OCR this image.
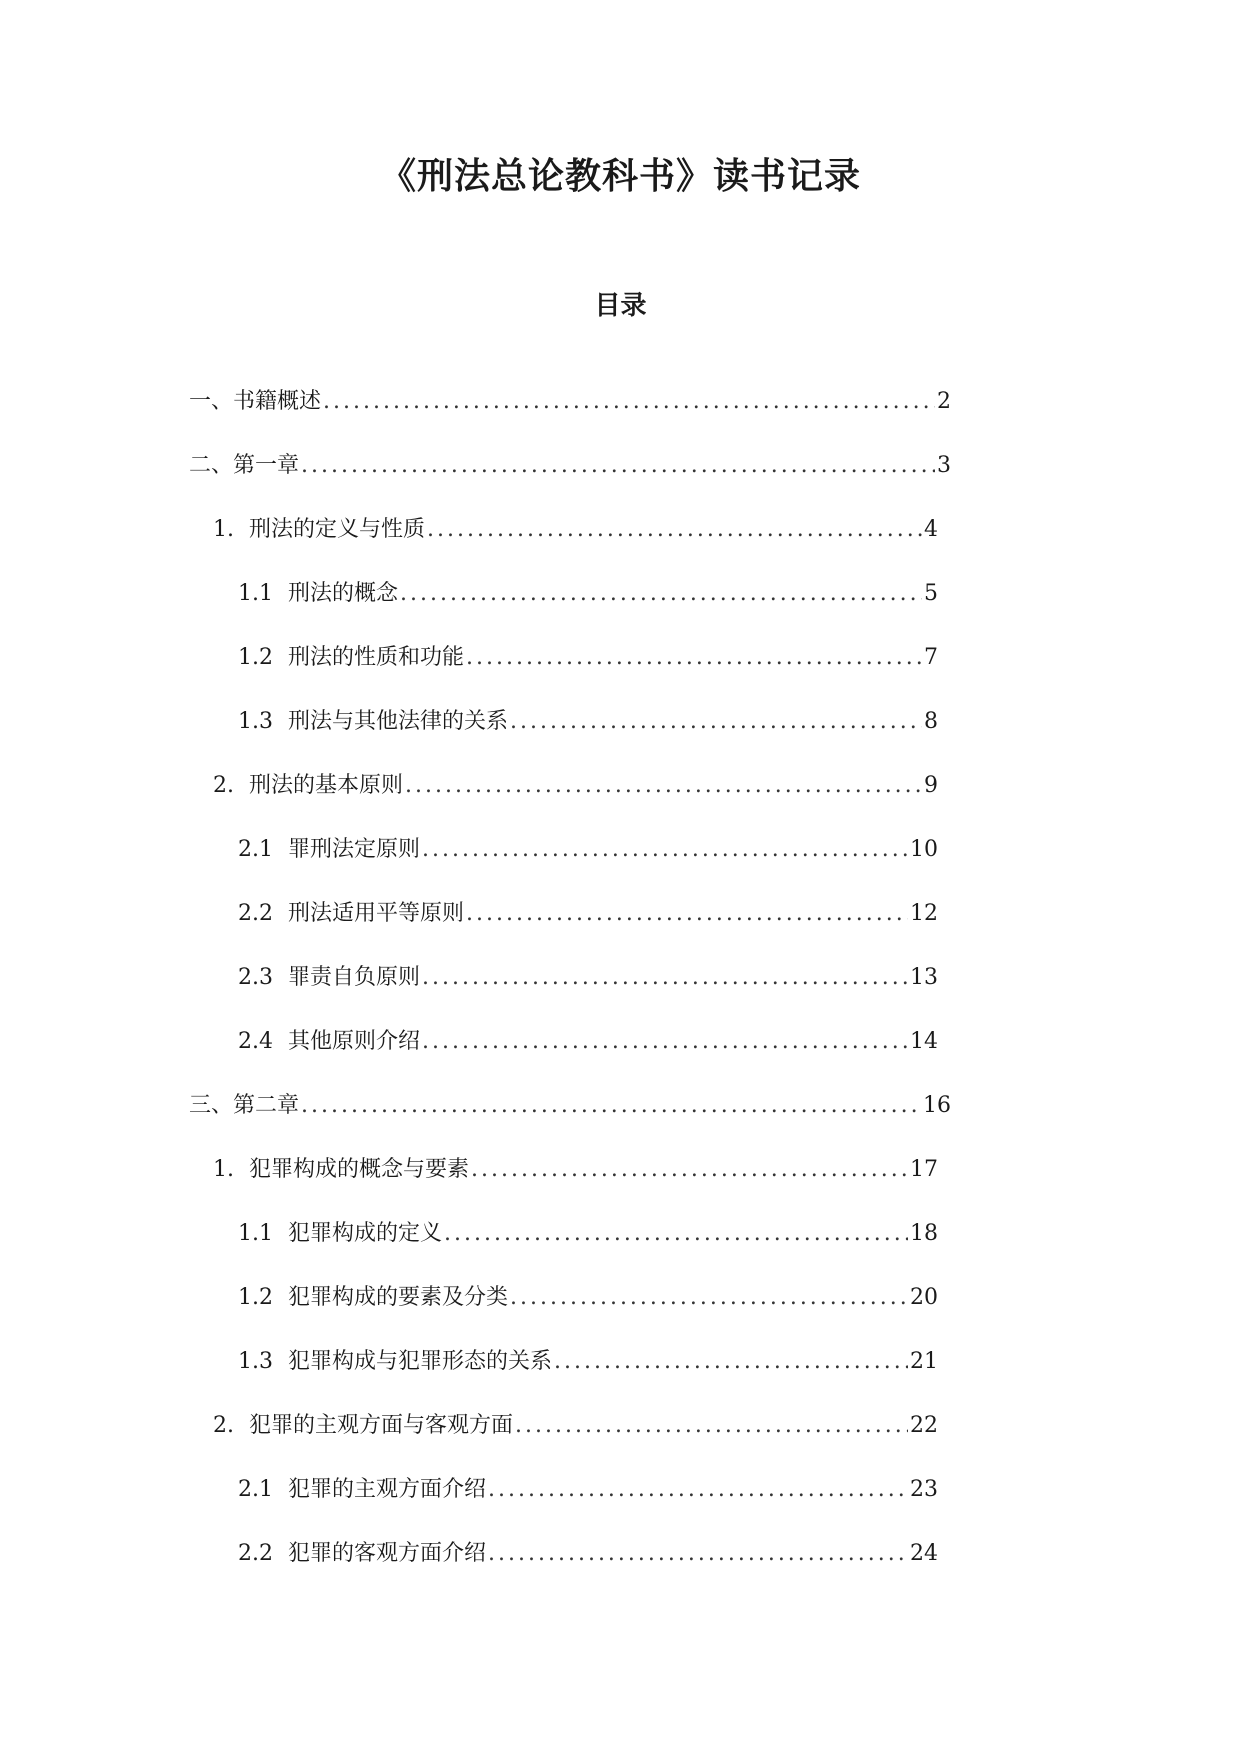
《刑法总论教科书》读书记录
目录
一、书籍概述 .....	2
二、第一章 .....	3
1. 刑法的定义与性质 .....	4
1.1 刑法的概念 .....	5
1.2 刑法的性质和功能 .....	7
1.3 刑法与其他法律的关系 .....	8
2. 刑法的基本原则 .....	9
2.1 罪刑法定原则 .....	10
2.2 刑法适用平等原则 .....	12
2.3 罪责自负原则 .....	13
2.4 其他原则介绍 .....	14
三、第二章 .....	16
1. 犯罪构成的概念与要素 .....	17
1.1 犯罪构成的定义 .....	18
1.2 犯罪构成的要素及分类 .....	20
1.3 犯罪构成与犯罪形态的关系 .....	21
2. 犯罪的主观方面与客观方面 .....	22
2.1 犯罪的主观方面介绍 .....	23
2.2 犯罪的客观方面介绍 .....	24
